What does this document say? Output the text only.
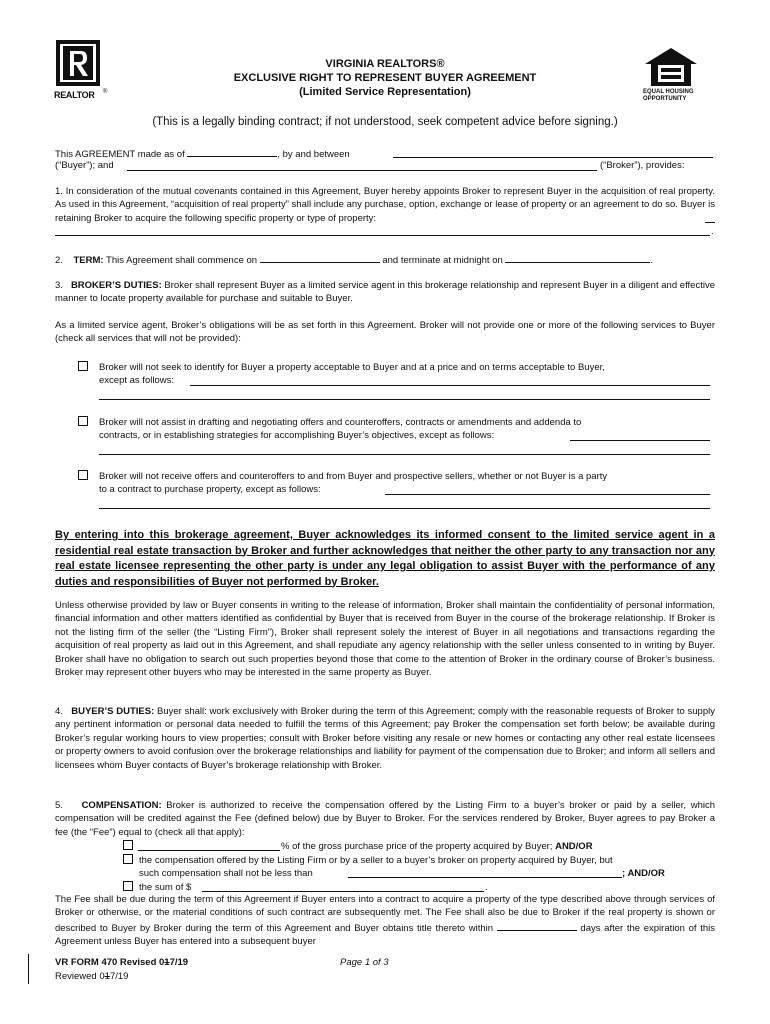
REALTOR ®	EQUAL HOUSING
OPPORTUNITY
VIRGINIA REALTORS®
EXCLUSIVE RIGHT TO REPRESENT BUYER AGREEMENT
(Limited Service Representation)
(This is a legally binding contract; if not understood, seek competent advice before signing.)
This AGREEMENT made as of	, by and between
(“Buyer”); and	(“Broker”), provides:
1. In consideration of the mutual covenants contained in this Agreement, Buyer hereby appoints Broker to represent Buyer in the acquisition of real property. As used in this Agreement, “acquisition of real property” shall include any purchase, option, exchange or lease of property or an agreement to do so. Buyer is retaining Broker to acquire the following specific property or type of property:
.
2. TERM: This Agreement shall commence on	and terminate at midnight on	.
3. BROKER’S DUTIES: Broker shall represent Buyer as a limited service agent in this brokerage relationship and represent Buyer in a diligent and effective manner to locate property available for purchase and suitable to Buyer.
As a limited service agent, Broker’s obligations will be as set forth in this Agreement. Broker will not provide one or more of the following services to Buyer (check all services that will not be provided):
Broker will not seek to identify for Buyer a property acceptable to Buyer and at a price and on terms acceptable to Buyer,
except as follows:
Broker will not assist in drafting and negotiating offers and counteroffers, contracts or amendments and addenda to
contracts, or in establishing strategies for accomplishing Buyer’s objectives, except as follows:
Broker will not receive offers and counteroffers to and from Buyer and prospective sellers, whether or not Buyer is a party
to a contract to purchase property, except as follows:
By entering into this brokerage agreement, Buyer acknowledges its informed consent to the limited service agent in a residential real estate transaction by Broker and further acknowledges that neither the other party to any transaction nor any real estate licensee representing the other party is under any legal obligation to assist Buyer with the performance of any duties and responsibilities of Buyer not performed by Broker.
Unless otherwise provided by law or Buyer consents in writing to the release of information, Broker shall maintain the confidentiality of personal information, financial information and other matters identified as confidential by Buyer that is received from Buyer in the course of the brokerage relationship. If Broker is not the listing firm of the seller (the “Listing Firm”), Broker shall represent solely the interest of Buyer in all negotiations and transactions regarding the acquisition of real property as laid out in this Agreement, and shall repudiate any agency relationship with the seller unless consented to in writing by Buyer. Broker shall have no obligation to search out such properties beyond those that come to the attention of Broker in the ordinary course of Broker’s business. Broker may represent other buyers who may be interested in the same property as Buyer.
4. BUYER’S DUTIES: Buyer shall: work exclusively with Broker during the term of this Agreement; comply with the reasonable requests of Broker to supply any pertinent information or personal data needed to fulfill the terms of this Agreement; pay Broker the compensation set forth below; be available during Broker’s regular working hours to view properties; consult with Broker before visiting any resale or new homes or contacting any other real estate licensees or property owners to avoid confusion over the brokerage relationships and liability for payment of the compensation due to Broker; and inform all sellers and licensees whom Buyer contacts of Buyer’s brokerage relationship with Broker.
5. COMPENSATION: Broker is authorized to receive the compensation offered by the Listing Firm to a buyer’s broker or paid by a seller, which compensation will be credited against the Fee (defined below) due by Buyer to Broker. For the services rendered by Broker, Buyer agrees to pay Broker a fee (the “Fee”) equal to (check all that apply):
% of the gross purchase price of the property acquired by Buyer; AND/OR
the compensation offered by the Listing Firm or by a seller to a buyer’s broker on property acquired by Buyer, but
such compensation shall not be less than	; AND/OR
the sum of $	.
The Fee shall be due during the term of this Agreement if Buyer enters into a contract to acquire a property of the type described above through services of Broker or otherwise, or the material conditions of such contract are subsequently met. The Fee shall also be due to Broker if the real property is shown or described to Buyer by Broker during the term of this Agreement and Buyer obtains title thereto within	days after the expiration of this Agreement unless Buyer has entered into a subsequent buyer
VR FORM 470 Revised 017/19
Reviewed 017/19
Page 1 of 3
